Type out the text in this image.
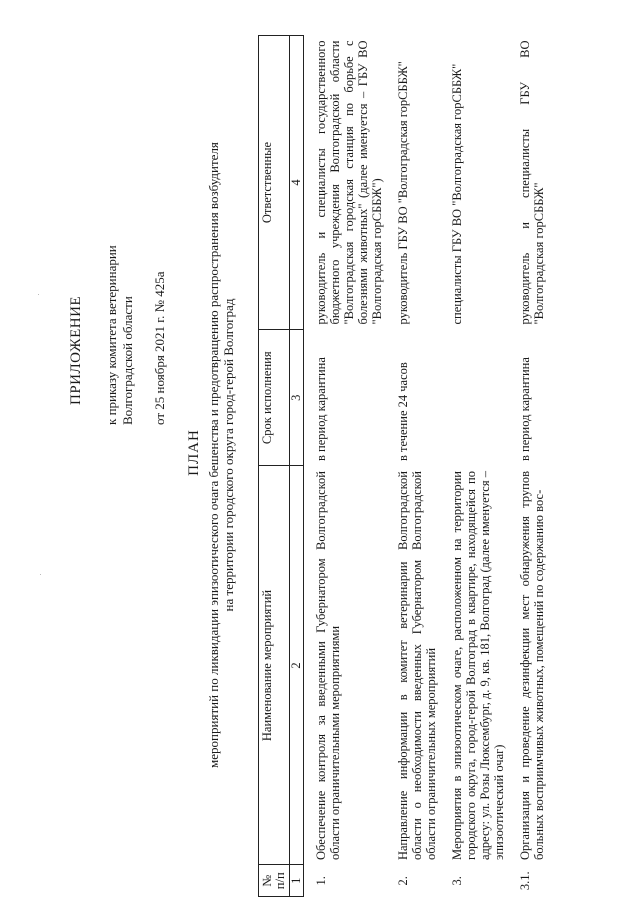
ПРИЛОЖЕНИЕ к приказу комитета ветеринарии Волгоградской области от 25 ноября 2021 г. № 425а
ПЛАН мероприятий по ликвидации эпизоотического очага бешенства и предотвращению распространения возбудителя на территории городского округа город-герой Волгоград
№ п/п	Наименование мероприятий	Срок исполнения	Ответственные
1	2	3	4
1.	Обеспечение контроля за введенными Губернатором Волгоградской области ограничительными мероприятиями	в период карантина	руководитель и специалисты государственного бюджетного учреждения Волгоградской области "Волгоградская городская станция по борьбе с болезнями животных" (далее именуется – ГБУ ВО "Волгоградская горСББЖ")
2.	Направление информации в комитет ветеринарии Волгоградской области о необходимости введенных Губернатором Волгоградской области ограничительных мероприятий	в течение 24 часов	руководитель ГБУ ВО "Волгоградская горСББЖ"
3.	Мероприятия в эпизоотическом очаге, расположенном на территории городского округа, город-герой Волгоград в квартире, находящейся по адресу: ул. Розы Люксембург, д. 9, кв. 181, Волгоград (далее именуется – эпизоотический очаг)		специалисты ГБУ ВО "Волгоградская горСББЖ"
3.1.	Организация и проведение дезинфекции мест обнаружения трупов больных восприимчивых животных, помещений по содержанию вос-	в период карантина	руководитель и специалисты ГБУ ВО "Волгоградская горСББЖ"
